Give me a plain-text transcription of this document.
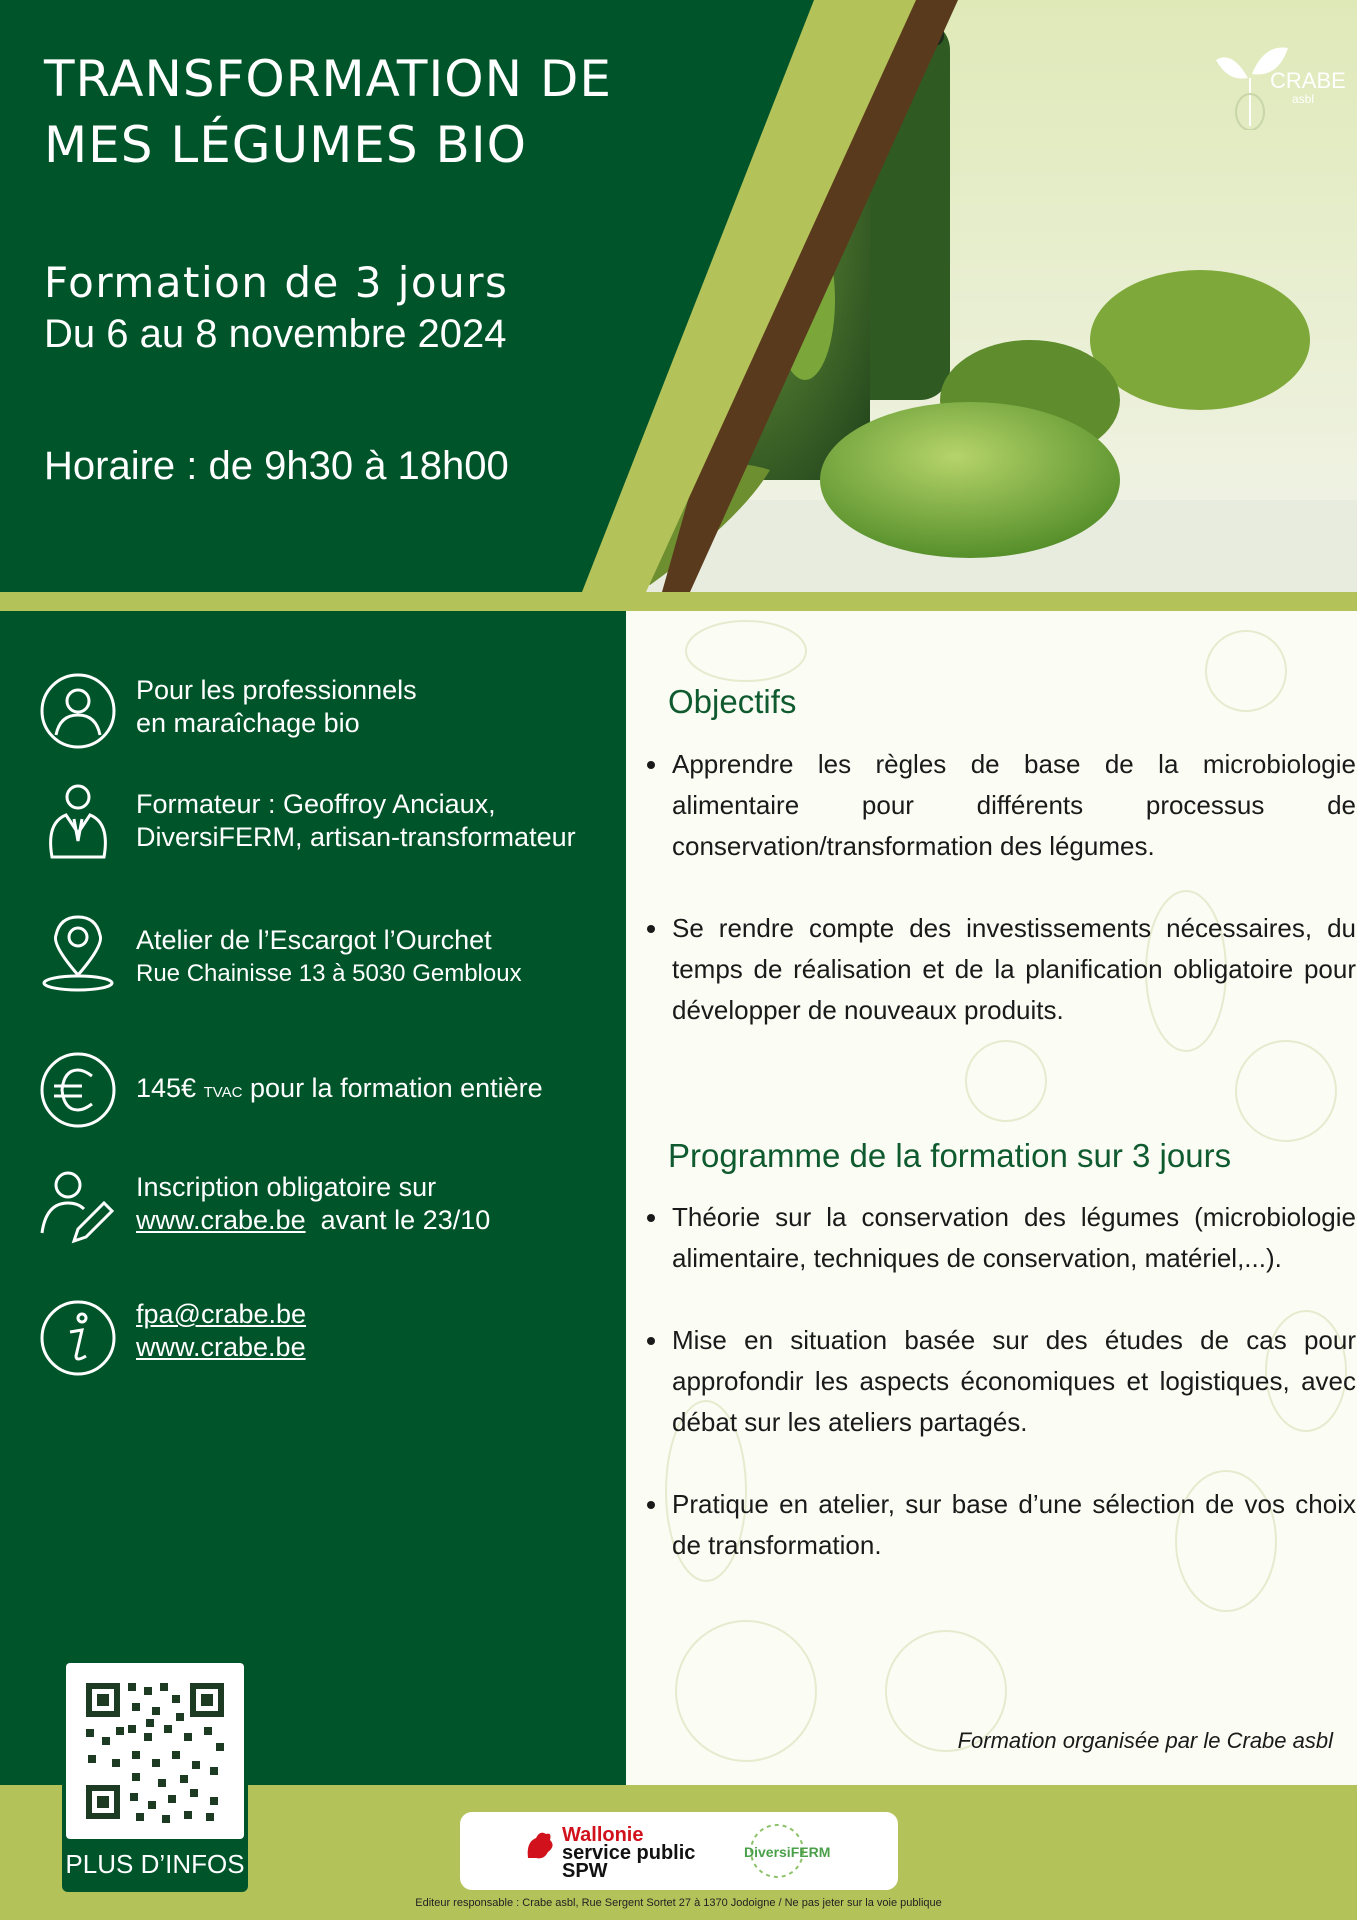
TRANSFORMATION DE
MES LÉGUMES BIO
Formation de 3 jours
Du 6 au 8 novembre 2024
Horaire : de 9h30 à 18h00
CRABE
asbl
Pour les professionnels
en maraîchage bio
Formateur : Geoffroy Anciaux,
DiversiFERM, artisan-transformateur
Atelier de l’Escargot l’Ourchet
Rue Chainisse 13 à 5030 Gembloux
145€ TVAC pour la formation entière
Inscription obligatoire sur
www.crabe.be avant le 23/10
fpa@crabe.be
www.crabe.be
Objectifs
• Apprendre les règles de base de la microbiologie alimentaire pour différents processus de conservation/transformation des légumes.
• Se rendre compte des investissements nécessaires, du temps de réalisation et de la planification obligatoire pour développer de nouveaux produits.
Programme de la formation sur 3 jours
• Théorie sur la conservation des légumes (microbiologie alimentaire, techniques de conservation, matériel,...).
• Mise en situation basée sur des études de cas pour approfondir les aspects économiques et logistiques, avec débat sur les ateliers partagés.
• Pratique en atelier, sur base d’une sélection de vos choix de transformation.
Formation organisée par le Crabe asbl
PLUS D’INFOS
Wallonie
service public
SPW
DiversiFERM
Editeur responsable : Crabe asbl, Rue Sergent Sortet 27 à 1370 Jodoigne / Ne pas jeter sur la voie publique
